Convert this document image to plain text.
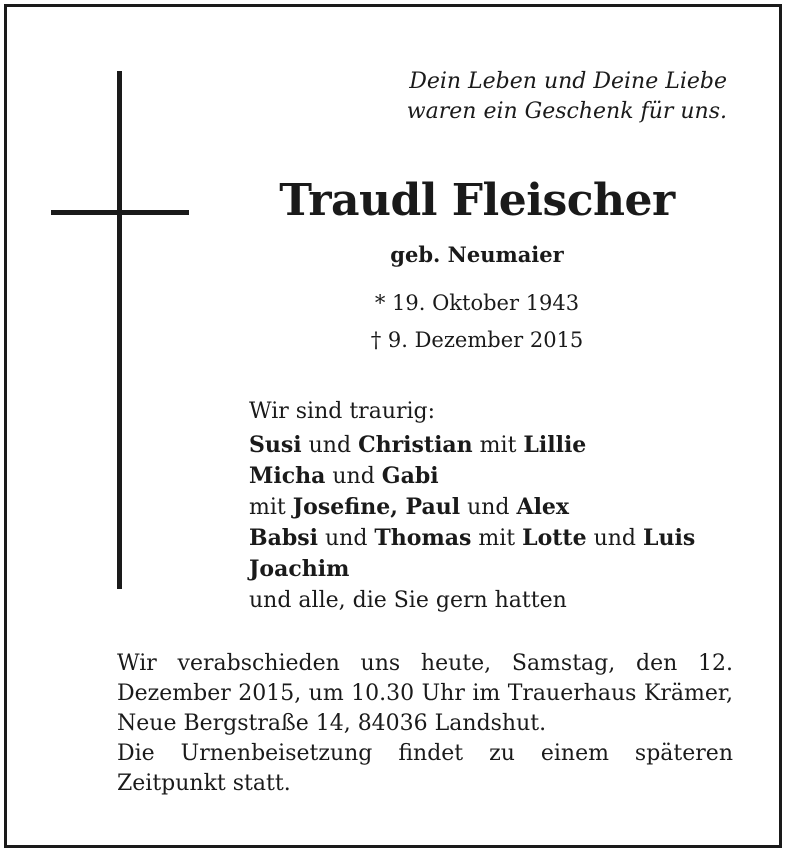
Dein Leben und Deine Liebe
waren ein Geschenk für uns.
Traudl Fleischer
geb. Neumaier
* 19. Oktober 1943
† 9. Dezember 2015
Wir sind traurig:
Susi und Christian mit Lillie
Micha und Gabi
mit Josefine, Paul und Alex
Babsi und Thomas mit Lotte und Luis
Joachim
und alle, die Sie gern hatten

Wir verabschieden uns heute, Samstag, den 12. Dezember 2015, um 10.30 Uhr im Trauerhaus Krämer, Neue Bergstraße 14, 84036 Landshut.

Die Urnenbeisetzung findet zu einem späteren Zeitpunkt statt.
